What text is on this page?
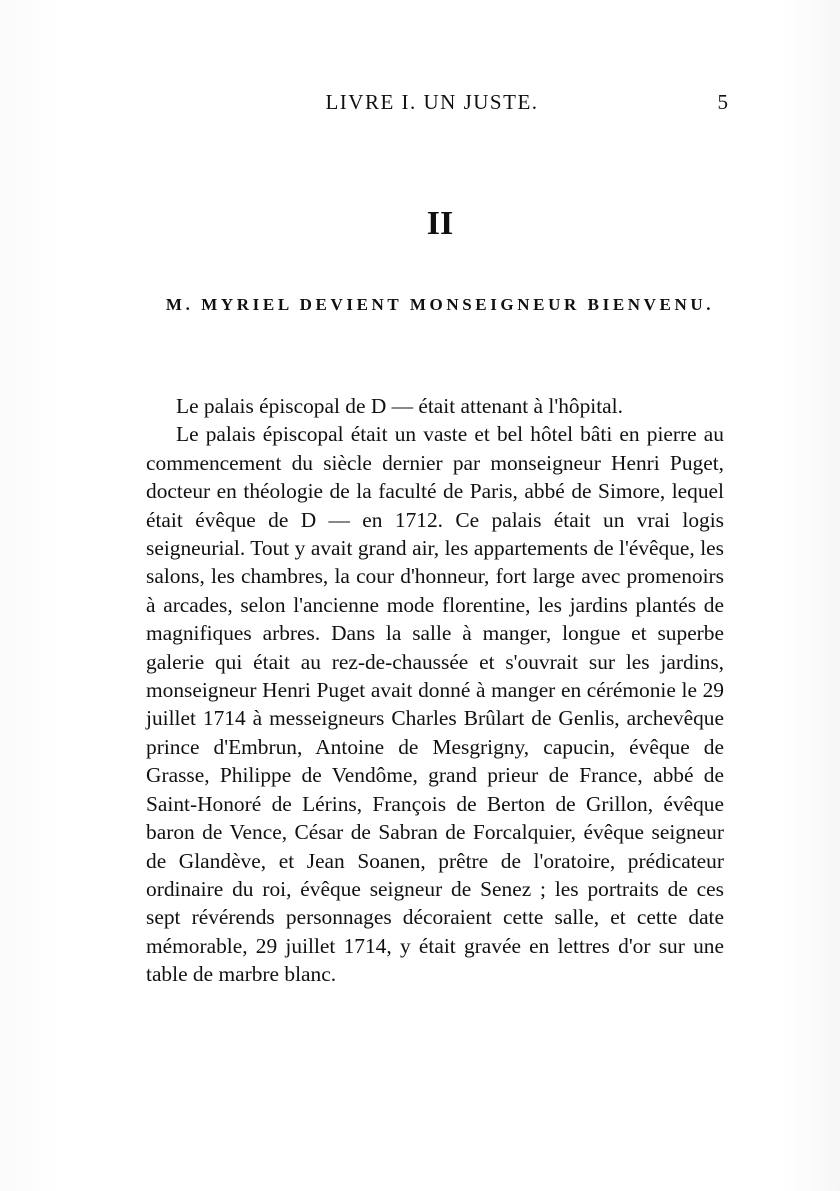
LIVRE I. UN JUSTE.	5
II
M. MYRIEL DEVIENT MONSEIGNEUR BIENVENU.

Le palais épiscopal de D — était attenant à l'hôpital.

Le palais épiscopal était un vaste et bel hôtel bâti en pierre au commencement du siècle dernier par monseigneur Henri Puget, docteur en théologie de la faculté de Paris, abbé de Simore, lequel était évêque de D — en 1712. Ce palais était un vrai logis seigneurial. Tout y avait grand air, les appartements de l'évêque, les salons, les chambres, la cour d'honneur, fort large avec promenoirs à arcades, selon l'ancienne mode florentine, les jardins plantés de magnifiques arbres. Dans la salle à manger, longue et superbe galerie qui était au rez-de-chaussée et s'ouvrait sur les jardins, monseigneur Henri Puget avait donné à manger en cérémonie le 29 juillet 1714 à messeigneurs Charles Brûlart de Genlis, archevêque prince d'Embrun, Antoine de Mesgrigny, capucin, évêque de Grasse, Philippe de Vendôme, grand prieur de France, abbé de Saint-Honoré de Lérins, François de Berton de Grillon, évêque baron de Vence, César de Sabran de Forcalquier, évêque seigneur de Glandève, et Jean Soanen, prêtre de l'oratoire, prédicateur ordinaire du roi, évêque seigneur de Senez ; les portraits de ces sept révérends personnages décoraient cette salle, et cette date mémorable, 29 juillet 1714, y était gravée en lettres d'or sur une table de marbre blanc.
